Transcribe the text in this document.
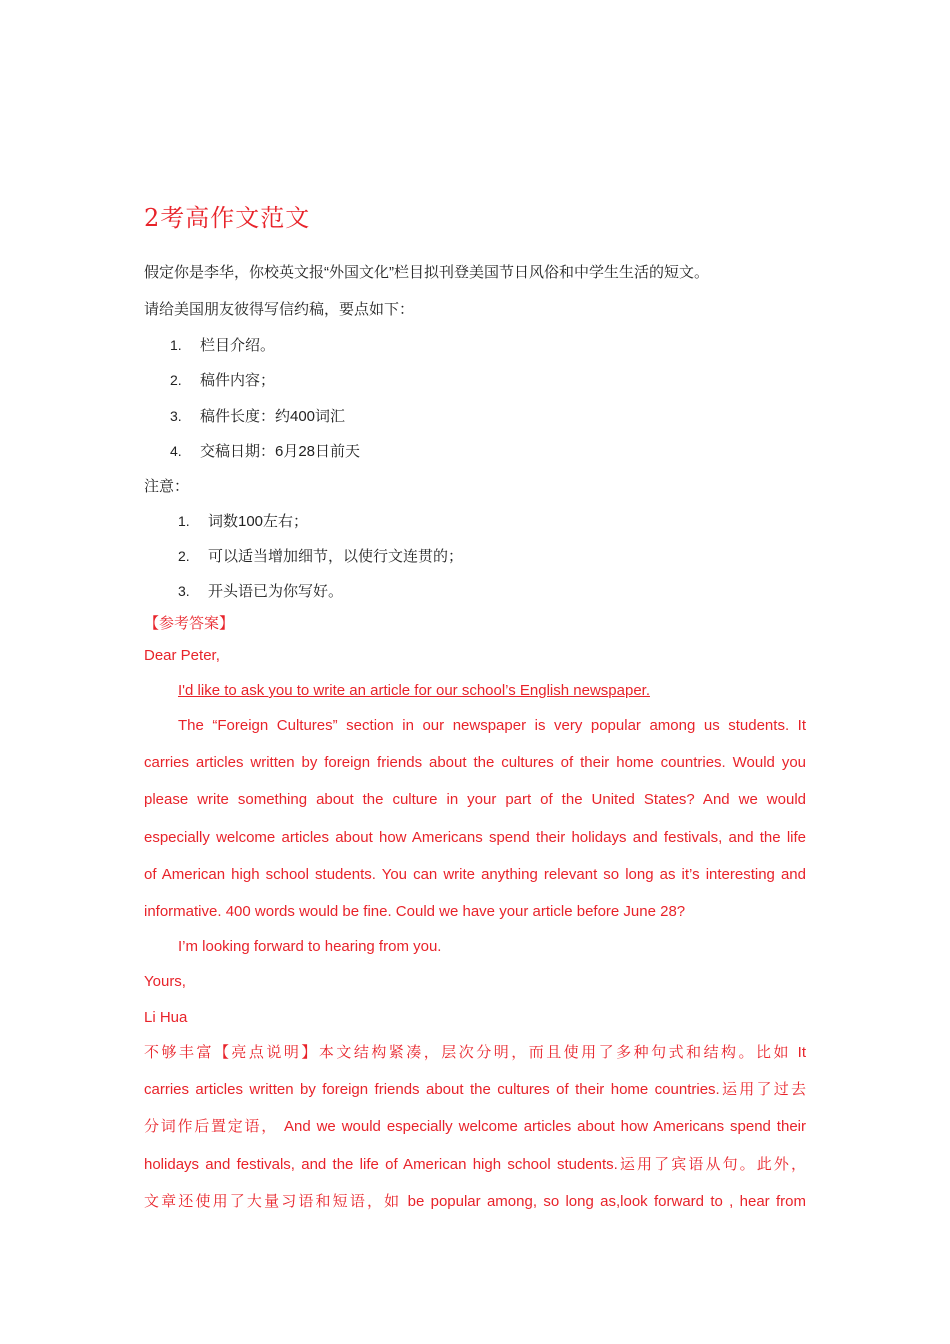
2考高作文范文
假定你是李华，你校英文报“外国文化”栏目拟刊登美国节日风俗和中学生生活的短文。
请给美国朋友彼得写信约稿，要点如下：
1. 栏目介绍。
2. 稿件内容；
3. 稿件长度：约400词汇
4. 交稿日期：6月28日前天
注意：
1. 词数100左右；
2. 可以适当增加细节，以使行文连贯的；
3. 开头语已为你写好。
【参考答案】
Dear Peter,
I'd like to ask you to write an article for our school’s English newspaper.
The “Foreign Cultures” section in our newspaper is very popular among us students. It
carries articles written by foreign friends about the cultures of their home countries. Would you
please write something about the culture in your part of the United States? And we would
especially welcome articles about how Americans spend their holidays and festivals, and the life
of American high school students. You can write anything relevant so long as it’s interesting and
informative. 400 words would be fine. Could we have your article before June 28?
I’m looking forward to hearing from you.
Yours,
Li Hua
不够丰富【亮点说明】本文结构紧凑，层次分明，而且使用了多种句式和结构。比如 It
carries articles written by foreign friends about the cultures of their home countries.运用了过去
分词作后置定语， And we would especially welcome articles about how Americans spend their
holidays and festivals, and the life of American high school students.运用了宾语从句。此外，
文章还使用了大量习语和短语，如 be popular among, so long as,look forward to , hear from
